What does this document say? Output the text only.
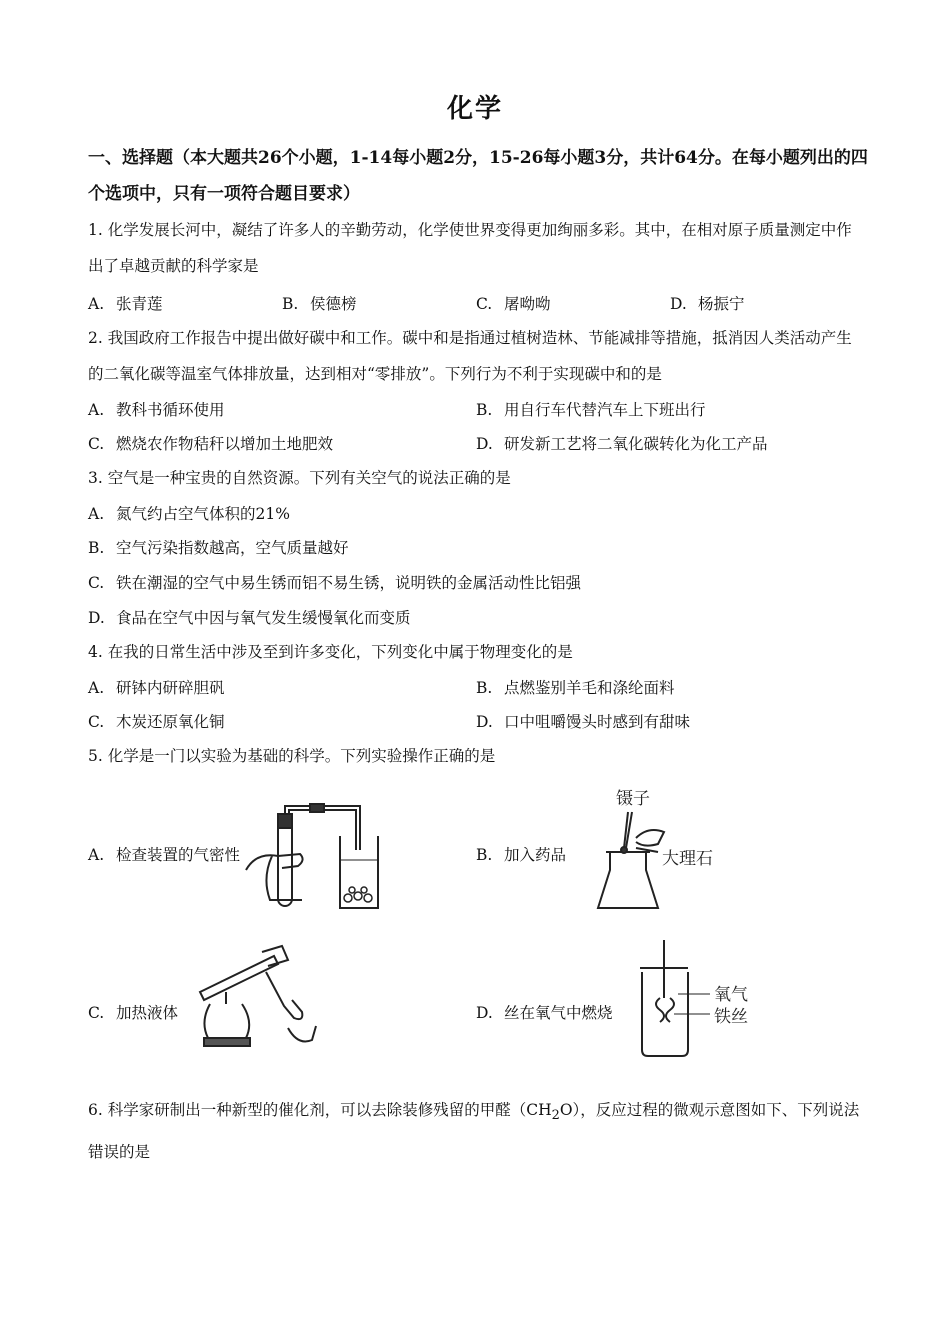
化学
一、选择题（本大题共26个小题，1-14每小题2分，15-26每小题3分，共计64分。在每小题列出的四个选项中，只有一项符合题目要求）
1. 化学发展长河中，凝结了许多人的辛勤劳动，化学使世界变得更加绚丽多彩。其中，在相对原子质量测定中作出了卓越贡献的科学家是
A. 张青莲	B. 侯德榜	C. 屠呦呦	D. 杨振宁
2. 我国政府工作报告中提出做好碳中和工作。碳中和是指通过植树造林、节能减排等措施，抵消因人类活动产生的二氧化碳等温室气体排放量，达到相对“零排放”。下列行为不利于实现碳中和的是
A. 教科书循环使用	B. 用自行车代替汽车上下班出行
C. 燃烧农作物秸秆以增加土地肥效	D. 研发新工艺将二氧化碳转化为化工产品
3. 空气是一种宝贵的自然资源。下列有关空气的说法正确的是
A. 氮气约占空气体积的21%
B. 空气污染指数越高，空气质量越好
C. 铁在潮湿的空气中易生锈而铝不易生锈，说明铁的金属活动性比铝强
D. 食品在空气中因与氧气发生缓慢氧化而变质
4. 在我的日常生活中涉及至到许多变化，下列变化中属于物理变化的是
A. 研钵内研碎胆矾	B. 点燃鉴别羊毛和涤纶面料
C. 木炭还原氧化铜	D. 口中咀嚼馒头时感到有甜味
5. 化学是一门以实验为基础的科学。下列实验操作正确的是
A. 检查装置的气密性	B. 加入药品
C. 加热液体	D. 丝在氧气中燃烧
镊子
大理石
氧气
铁丝
6. 科学家研制出一种新型的催化剂，可以去除装修残留的甲醛$(CH_2O)$，反应过程的微观示意图如下、下列说法错误的是
